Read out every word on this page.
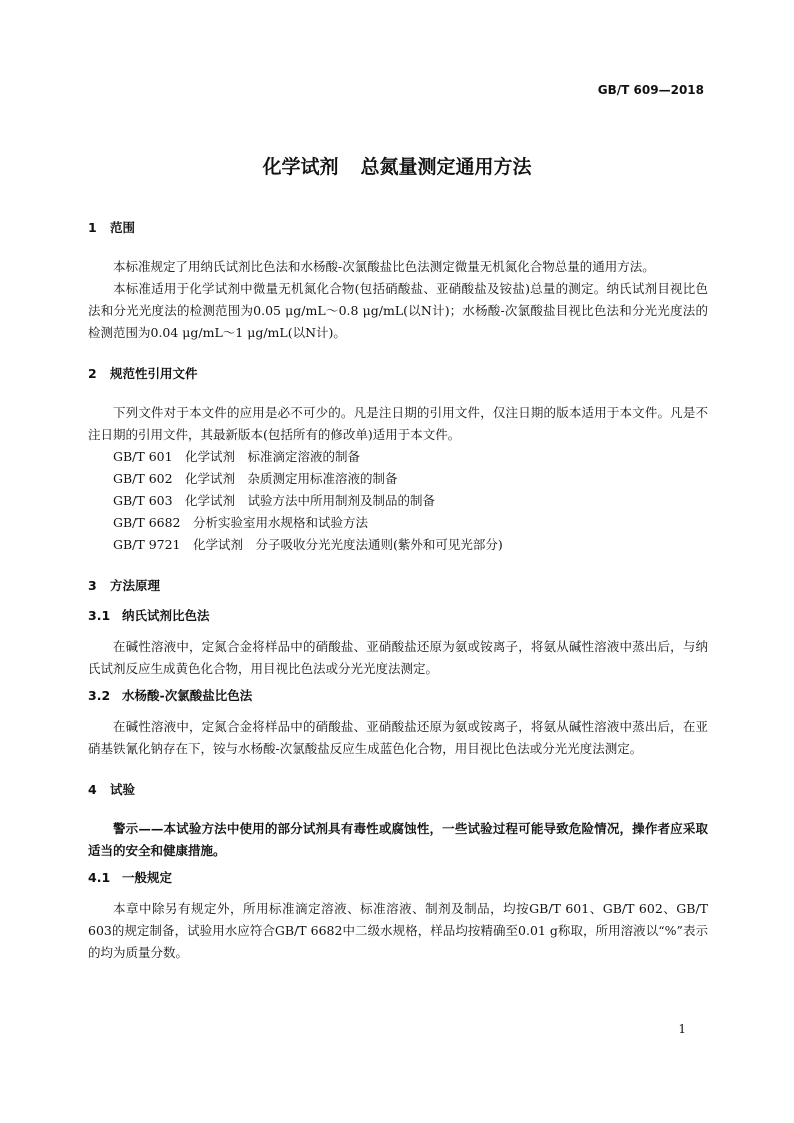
GB/T 609—2018
化学试剂 总氮量测定通用方法
1	范围

本标准规定了用纳氏试剂比色法和水杨酸-次氯酸盐比色法测定微量无机氮化合物总量的通用方法。

本标准适用于化学试剂中微量无机氮化合物(包括硝酸盐、亚硝酸盐及铵盐)总量的测定。纳氏试剂目视比色法和分光光度法的检测范围为0.05 μg/mL～0.8 μg/mL(以N计)；水杨酸-次氯酸盐目视比色法和分光光度法的检测范围为0.04 μg/mL～1 μg/mL(以N计)。

2	规范性引用文件

下列文件对于本文件的应用是必不可少的。凡是注日期的引用文件，仅注日期的版本适用于本文件。凡是不注日期的引用文件，其最新版本(包括所有的修改单)适用于本文件。

GB/T 601　化学试剂　标准滴定溶液的制备
GB/T 602　化学试剂　杂质测定用标准溶液的制备
GB/T 603　化学试剂　试验方法中所用制剂及制品的制备
GB/T 6682　分析实验室用水规格和试验方法
GB/T 9721　化学试剂　分子吸收分光光度法通则(紫外和可见光部分)
3	方法原理
3.1 纳氏试剂比色法

在碱性溶液中，定氮合金将样品中的硝酸盐、亚硝酸盐还原为氨或铵离子，将氨从碱性溶液中蒸出后，与纳氏试剂反应生成黄色化合物，用目视比色法或分光光度法测定。

3.2 水杨酸-次氯酸盐比色法

在碱性溶液中，定氮合金将样品中的硝酸盐、亚硝酸盐还原为氨或铵离子，将氨从碱性溶液中蒸出后，在亚硝基铁氰化钠存在下，铵与水杨酸-次氯酸盐反应生成蓝色化合物，用目视比色法或分光光度法测定。

4	试验
警示——本试验方法中使用的部分试剂具有毒性或腐蚀性，一些试验过程可能导致危险情况，操作者应采取适当的安全和健康措施。
4.1 一般规定

本章中除另有规定外，所用标准滴定溶液、标准溶液、制剂及制品，均按GB/T 601、GB/T 602、GB/T 603的规定制备，试验用水应符合GB/T 6682中二级水规格，样品均按精确至0.01 g称取，所用溶液以“%”表示的均为质量分数。

1
